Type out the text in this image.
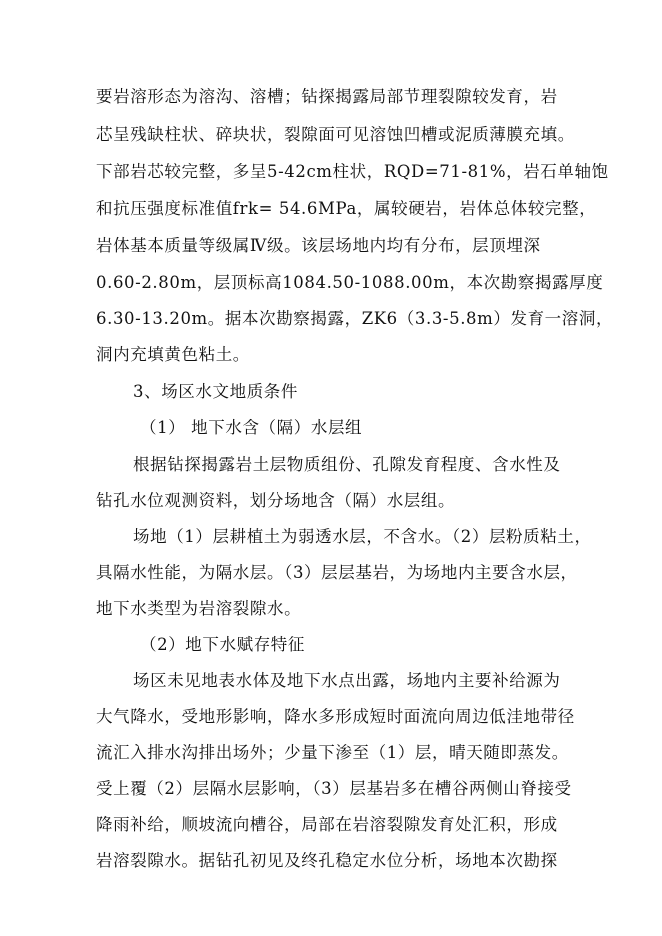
要岩溶形态为溶沟、溶槽；钻探揭露局部节理裂隙较发育，岩
芯呈残缺柱状、碎块状，裂隙面可见溶蚀凹槽或泥质薄膜充填。
下部岩芯较完整，多呈5-42cm柱状，RQD=71-81%，岩石单轴饱
和抗压强度标准值frk= 54.6MPa，属较硬岩，岩体总体较完整，
岩体基本质量等级属Ⅳ级。该层场地内均有分布，层顶埋深
0.60-2.80m，层顶标高1084.50-1088.00m，本次勘察揭露厚度
6.30-13.20m。据本次勘察揭露，ZK6（3.3-5.8m）发育一溶洞，
洞内充填黄色粘土。
3、场区水文地质条件
（1） 地下水含（隔）水层组
根据钻探揭露岩土层物质组份、孔隙发育程度、含水性及
钻孔水位观测资料，划分场地含（隔）水层组。
场地（1）层耕植土为弱透水层，不含水。（2）层粉质粘土，
具隔水性能，为隔水层。（3）层层基岩，为场地内主要含水层，
地下水类型为岩溶裂隙水。
（2）地下水赋存特征
场区未见地表水体及地下水点出露，场地内主要补给源为
大气降水，受地形影响，降水多形成短时面流向周边低洼地带径
流汇入排水沟排出场外；少量下渗至（1）层，晴天随即蒸发。
受上覆（2）层隔水层影响，（3）层基岩多在槽谷两侧山脊接受
降雨补给，顺坡流向槽谷，局部在岩溶裂隙发育处汇积，形成
岩溶裂隙水。据钻孔初见及终孔稳定水位分析，场地本次勘探
